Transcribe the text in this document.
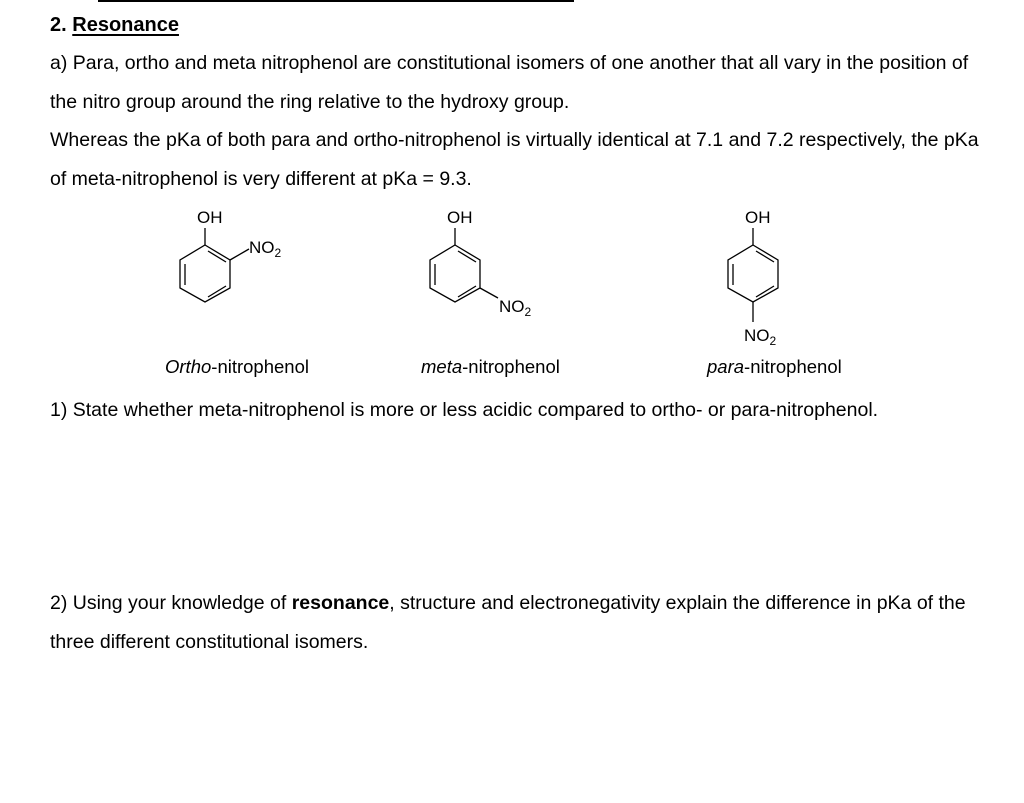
2. Resonance
a) Para, ortho and meta nitrophenol are constitutional isomers of one another that all vary in the position of the nitro group around the ring relative to the hydroxy group.
Whereas the pKa of both para and ortho-nitrophenol is virtually identical at 7.1 and 7.2 respectively, the pKa of meta-nitrophenol is very different at pKa = 9.3.
OH
$NO_2$
OH
$NO_2$
OH
$NO_2$
Ortho-nitrophenol	meta-nitrophenol	para-nitrophenol
1) State whether meta-nitrophenol is more or less acidic compared to ortho- or para-nitrophenol.
2) Using your knowledge of resonance, structure and electronegativity explain the difference in pKa of the three different constitutional isomers.
